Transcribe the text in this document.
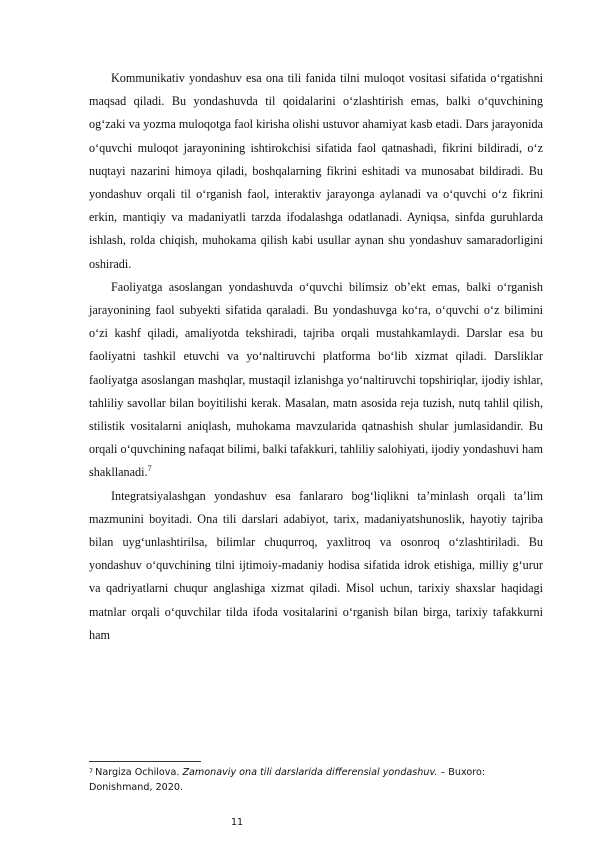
Kommunikativ yondashuv esa ona tili fanida tilni muloqot vositasi sifatida o‘rgatishni maqsad qiladi. Bu yondashuvda til qoidalarini o‘zlashtirish emas, balki o‘quvchining og‘zaki va yozma muloqotga faol kirisha olishi ustuvor ahamiyat kasb etadi. Dars jarayonida o‘quvchi muloqot jarayonining ishtirokchisi sifatida faol qatnashadi, fikrini bildiradi, o‘z nuqtayi nazarini himoya qiladi, boshqalarning fikrini eshitadi va munosabat bildiradi. Bu yondashuv orqali til o‘rganish faol, interaktiv jarayonga aylanadi va o‘quvchi o‘z fikrini erkin, mantiqiy va madaniyatli tarzda ifodalashga odatlanadi. Ayniqsa, sinfda guruhlarda ishlash, rolda chiqish, muhokama qilish kabi usullar aynan shu yondashuv samaradorligini oshiradi.

Faoliyatga asoslangan yondashuvda o‘quvchi bilimsiz ob’ekt emas, balki o‘rganish jarayonining faol subyekti sifatida qaraladi. Bu yondashuvga ko‘ra, o‘quvchi o‘z bilimini o‘zi kashf qiladi, amaliyotda tekshiradi, tajriba orqali mustahkamlaydi. Darslar esa bu faoliyatni tashkil etuvchi va yo‘naltiruvchi platforma bo‘lib xizmat qiladi. Darsliklar faoliyatga asoslangan mashqlar, mustaqil izlanishga yo‘naltiruvchi topshiriqlar, ijodiy ishlar, tahliliy savollar bilan boyitilishi kerak. Masalan, matn asosida reja tuzish, nutq tahlil qilish, stilistik vositalarni aniqlash, muhokama mavzularida qatnashish shular jumlasidandir. Bu orqali o‘quvchining nafaqat bilimi, balki tafakkuri, tahliliy salohiyati, ijodiy yondashuvi ham shakllanadi.$^7$

Integratsiyalashgan yondashuv esa fanlararo bog‘liqlikni ta’minlash orqali ta’lim mazmunini boyitadi. Ona tili darslari adabiyot, tarix, madaniyatshunoslik, hayotiy tajriba bilan uyg‘unlashtirilsa, bilimlar chuqurroq, yaxlitroq va osonroq o‘zlashtiriladi. Bu yondashuv o‘quvchining tilni ijtimoiy-madaniy hodisa sifatida idrok etishiga, milliy g‘urur va qadriyatlarni chuqur anglashiga xizmat qiladi. Misol uchun, tarixiy shaxslar haqidagi matnlar orqali o‘quvchilar tilda ifoda vositalarini o‘rganish bilan birga, tarixiy tafakkurni ham

$^7$ Nargiza Ochilova. Zamonaviy ona tili darslarida differensial yondashuv. – Buxoro: Donishmand, 2020.

11
